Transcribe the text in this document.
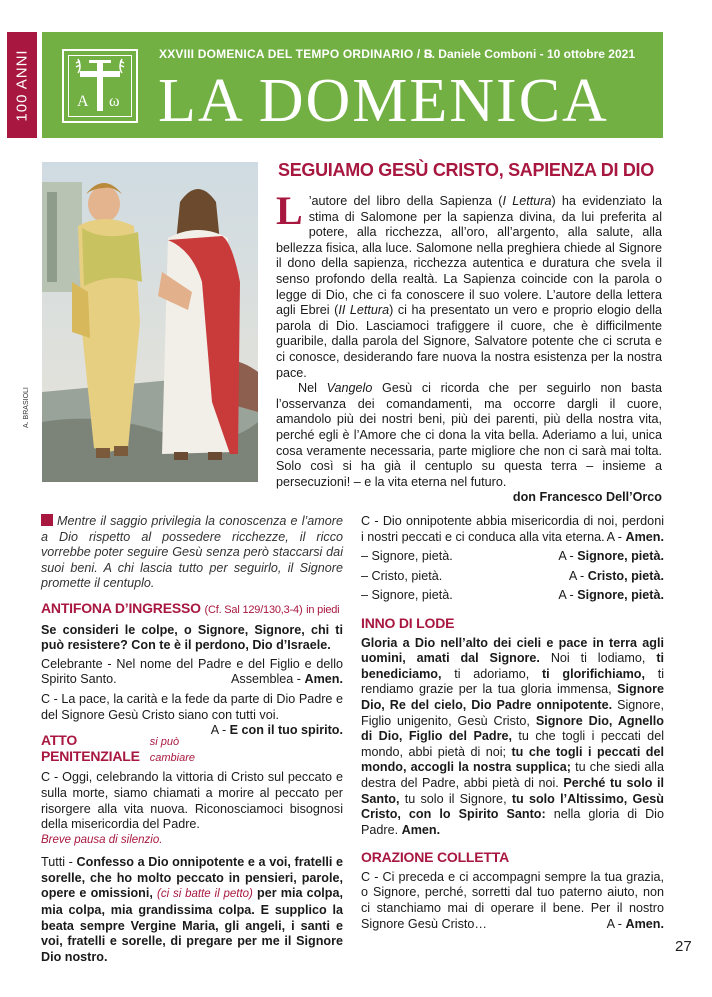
100 ANNI	A ω
XXVIII DOMENICA DEL TEMPO ORDINARIO / B
S. Daniele Comboni - 10 ottobre 2021
LA DOMENICA
A. BRASIOLI
SEGUIAMO GESÙ CRISTO, SAPIENZA DI DIO

L ’autore del libro della Sapienza (I Lettura) ha evidenziato la stima di Salomone per la sapienza divina, da lui preferita al potere, alla ricchezza, all’oro, all’argento, alla salute, alla bellezza fisica, alla luce. Salomone nella preghiera chiede al Signore il dono della sapienza, ricchezza autentica e duratura che svela il senso profondo della realtà. La Sapienza coincide con la parola o legge di Dio, che ci fa conoscere il suo volere. L’autore della lettera agli Ebrei (II Lettura) ci ha presentato un vero e proprio elogio della parola di Dio. Lasciamoci trafiggere il cuore, che è difficilmente guaribile, dalla parola del Signore, Salvatore potente che ci scruta e ci conosce, desiderando fare nuova la nostra esistenza per la nostra pace.

Nel Vangelo Gesù ci ricorda che per seguirlo non basta l’osservanza dei comandamenti, ma occorre dargli il cuore, amandolo più dei nostri beni, più dei parenti, più della nostra vita, perché egli è l’Amore che ci dona la vita bella. Aderiamo a lui, unica cosa veramente necessaria, parte migliore che non ci sarà mai tolta. Solo così si ha già il centuplo su questa terra – insieme a persecuzioni! – e la vita eterna nel futuro.

don Francesco Dell’Orco

Mentre il saggio privilegia la conoscenza e l’amore a Dio rispetto al possedere ricchezze, il ricco vorrebbe poter seguire Gesù senza però staccarsi dai suoi beni. A chi lascia tutto per seguirlo, il Signore promette il centuplo.

ANTIFONA D’INGRESSO (Cf. Sal 129/130,3-4) in piedi

Se consideri le colpe, o Signore, Signore, chi ti può resistere? Con te è il perdono, Dio d’Israele.

Celebrante - Nel nome del Padre e del Figlio e dello Spirito Santo.	Assemblea - Amen.

C - La pace, la carità e la fede da parte di Dio Padre e del Signore Gesù Cristo siano con tutti voi.
A - E con il tuo spirito.

ATTO PENITENZIALE
si può cambiare

C - Oggi, celebrando la vittoria di Cristo sul peccato e sulla morte, siamo chiamati a morire al peccato per risorgere alla vita nuova. Riconosciamoci bisognosi della misericordia del Padre.

Breve pausa di silenzio.

Tutti - Confesso a Dio onnipotente e a voi, fratelli e sorelle, che ho molto peccato in pensieri, parole, opere e omissioni, (ci si batte il petto) per mia colpa, mia colpa, mia grandissima colpa. E supplico la beata sempre Vergine Maria, gli angeli, i santi e voi, fratelli e sorelle, di pregare per me il Signore Dio nostro.

C - Dio onnipotente abbia misericordia di noi, perdoni i nostri peccati e ci conduca alla vita eterna. A - Amen.

– Signore, pietà.	A - Signore, pietà.
– Cristo, pietà.	A - Cristo, pietà.
– Signore, pietà.	A - Signore, pietà.
INNO DI LODE

Gloria a Dio nell’alto dei cieli e pace in terra agli uomini, amati dal Signore. Noi ti lodiamo, ti benediciamo, ti adoriamo, ti glorifichiamo, ti rendiamo grazie per la tua gloria immensa, Signore Dio, Re del cielo, Dio Padre onnipotente. Signore, Figlio unigenito, Gesù Cristo, Signore Dio, Agnello di Dio, Figlio del Padre, tu che togli i peccati del mondo, abbi pietà di noi; tu che togli i peccati del mondo, accogli la nostra supplica; tu che siedi alla destra del Padre, abbi pietà di noi. Perché tu solo il Santo, tu solo il Signore, tu solo l’Altissimo, Gesù Cristo, con lo Spirito Santo: nella gloria di Dio Padre. Amen.

ORAZIONE COLLETTA

C - Ci preceda e ci accompagni sempre la tua grazia, o Signore, perché, sorretti dal tuo paterno aiuto, non ci stanchiamo mai di operare il bene. Per il nostro Signore Gesù Cristo…	A - Amen.

27
